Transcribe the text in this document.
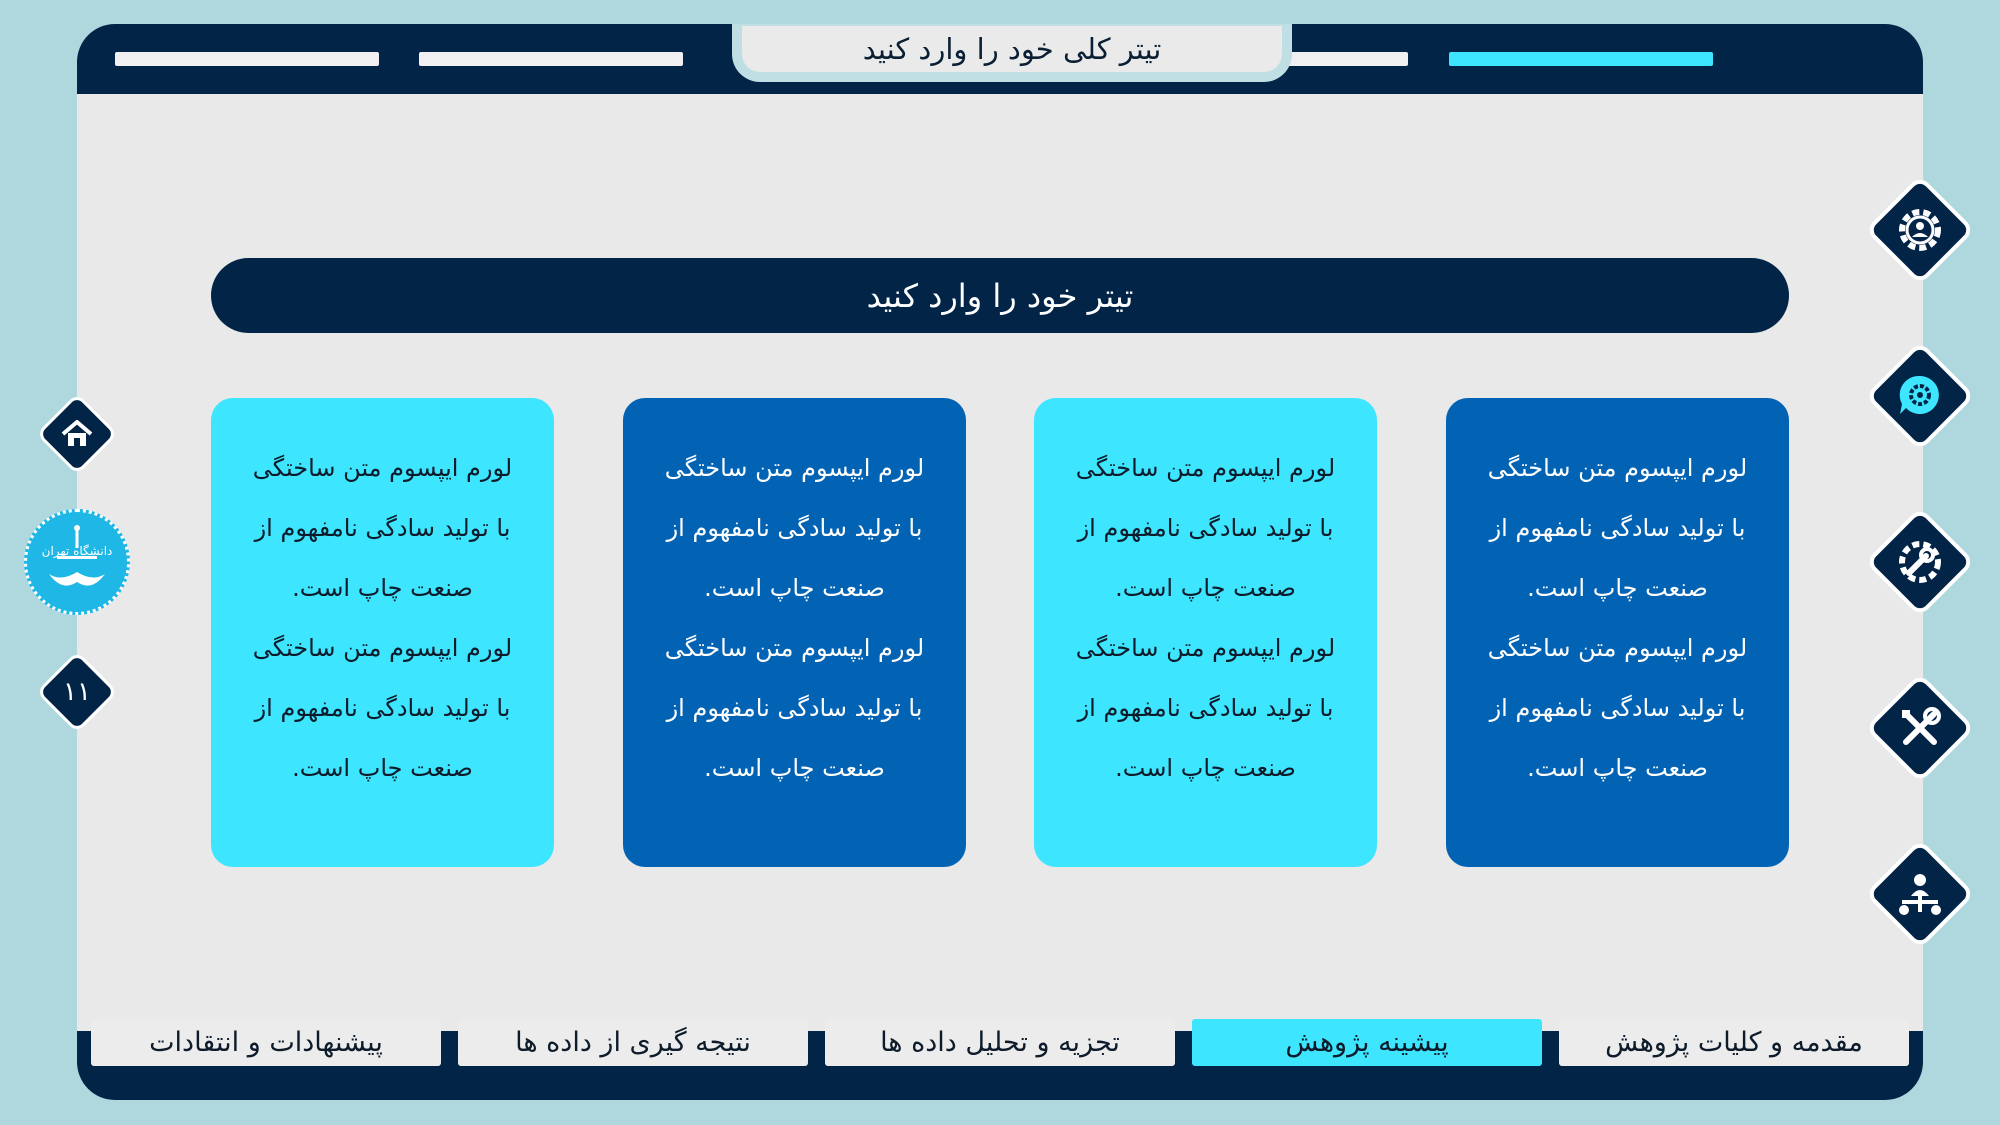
تیتر کلی خود را وارد کنید
مقدمه و کلیات پژوهش
پیشینه پژوهش
تجزیه و تحلیل داده ها
نتیجه گیری از داده ها
پیشنهادات و انتقادات
تیتر خود را وارد کنید

لورم ایپسوم متن ساختگی

با تولید سادگی نامفهوم از

صنعت چاپ است.

لورم ایپسوم متن ساختگی

با تولید سادگی نامفهوم از

صنعت چاپ است.

لورم ایپسوم متن ساختگی

با تولید سادگی نامفهوم از

صنعت چاپ است.

لورم ایپسوم متن ساختگی

با تولید سادگی نامفهوم از

صنعت چاپ است.

لورم ایپسوم متن ساختگی

با تولید سادگی نامفهوم از

صنعت چاپ است.

لورم ایپسوم متن ساختگی

با تولید سادگی نامفهوم از

صنعت چاپ است.

لورم ایپسوم متن ساختگی

با تولید سادگی نامفهوم از

صنعت چاپ است.

لورم ایپسوم متن ساختگی

با تولید سادگی نامفهوم از

صنعت چاپ است.

دانشگاه تهران
۱۱
